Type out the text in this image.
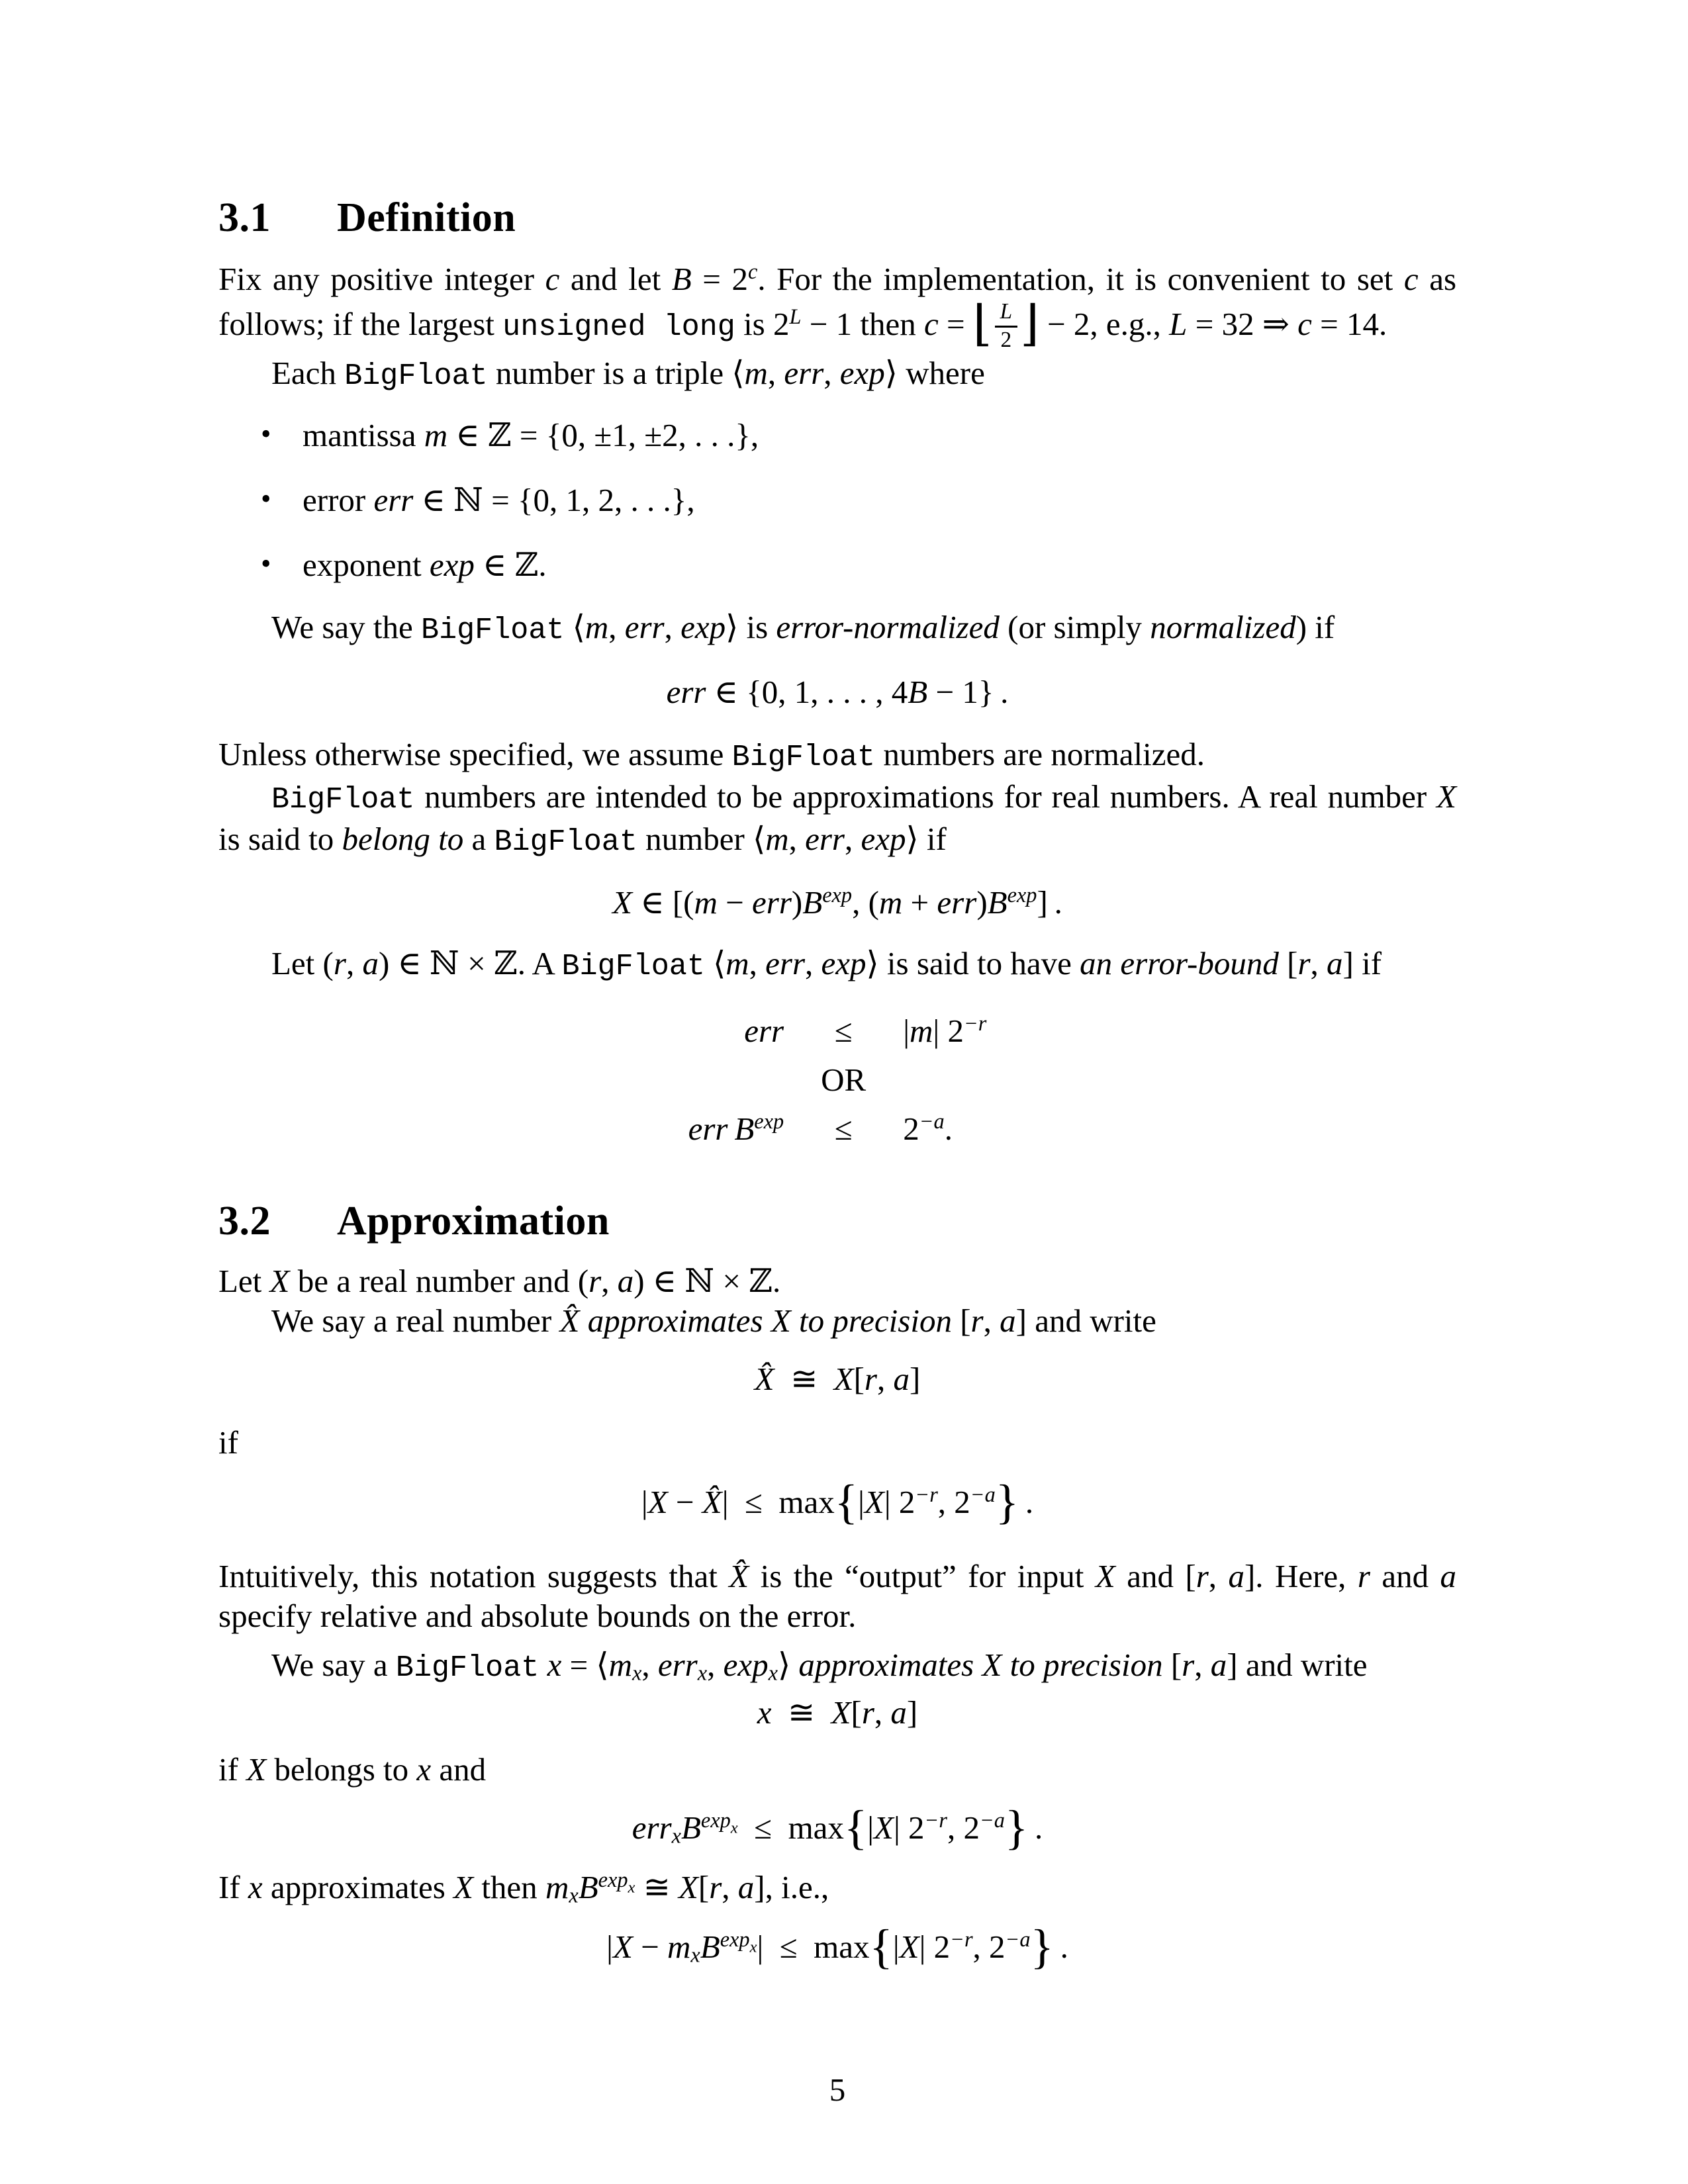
3.1 Definition

Fix any positive integer c and let $B = 2^c$. For the implementation, it is convenient to set c as follows; if the largest unsigned long is $2^L - 1$ then c = ⌊ $\frac{L}{2}$ ⌋ − 2, e.g., L = 32 ⇒ c = 14.

Each BigFloat number is a triple ⟨m, err, exp⟩ where

• mantissa m ∈ ℤ = {0, ±1, ±2, . . .},
• error err ∈ ℕ = {0, 1, 2, . . .},
• exponent exp ∈ ℤ.

We say the BigFloat ⟨m, err, exp⟩ is error-normalized (or simply normalized) if

err ∈ {0, 1, . . . , 4B − 1} .

Unless otherwise specified, we assume BigFloat numbers are normalized.

BigFloat numbers are intended to be approximations for real numbers. A real number X is said to belong to a BigFloat number ⟨m, err, exp⟩ if

X ∈ [$(m - err)B^{exp}$, $(m + err)B^{exp}$] .

Let (r, a) ∈ ℕ × ℤ. A BigFloat ⟨m, err, exp⟩ is said to have an error-bound [r, a] if

err ≤ |m| $2^{-r}$
OR
err  $B^{exp} \le 2^{-a}$.
3.2 Approximation

Let X be a real number and (r, a) ∈ ℕ × ℤ.

We say a real number X̂ approximates X to precision [r, a] and write

X̂ ≅ X[r, a]

if

|X − X̂| ≤ max{|X| $2^{-r}$, $2^{-a}$} .

Intuitively, this notation suggests that X̂ is the “output” for input X and [r, a]. Here, r and a specify relative and absolute bounds on the error.

We say a BigFloat x = ⟨mx, errx, expx⟩ approximates X to precision [r, a] and write

x ≅ X[r, a]

if X belongs to x and

errxB$^{exp}$x ≤ max{|X| $2^{-r}$, $2^{-a}$} .

If x approximates X then mxB$^{exp}$x ≅ X[r, a], i.e.,

|X − mxB$^{exp}$x| ≤ max{|X| $2^{-r}$, $2^{-a}$} .
5
